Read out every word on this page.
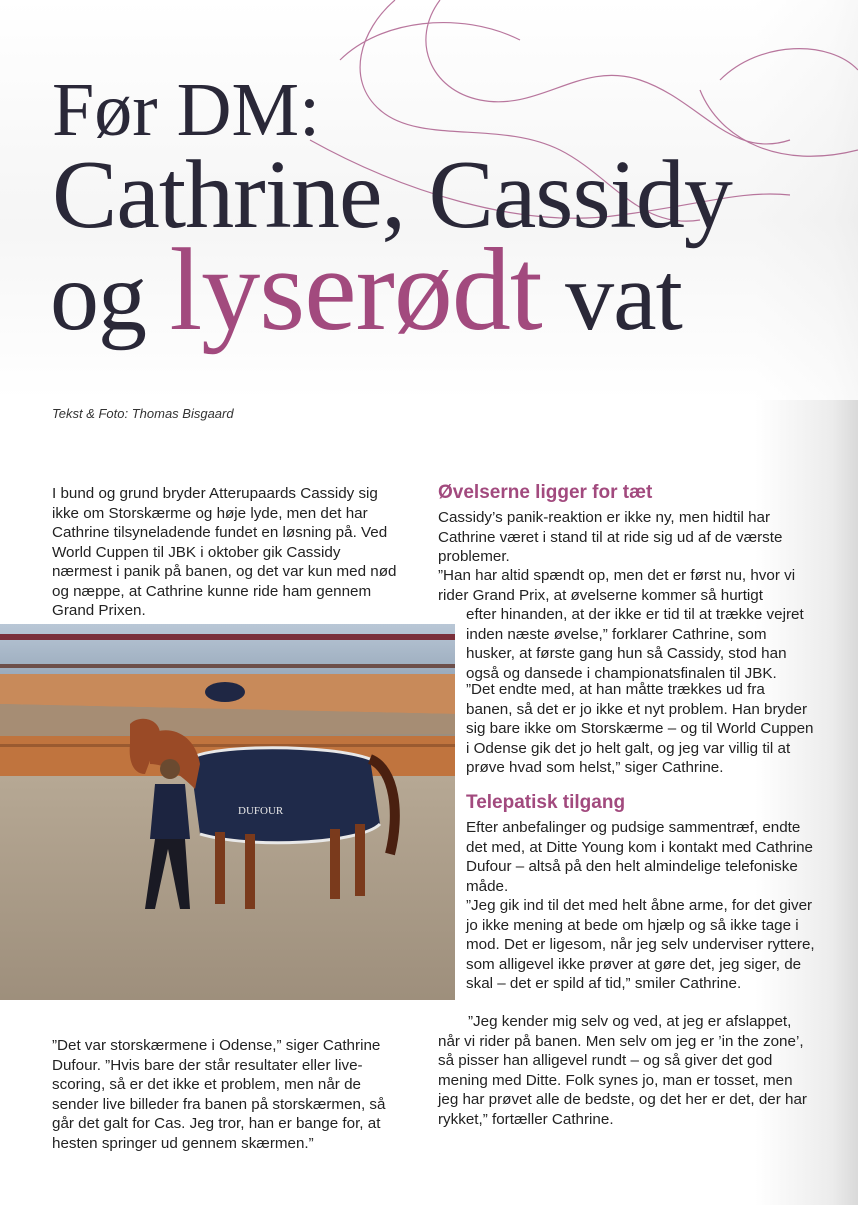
Før DM:
Cathrine, Cassidy
og lyserødt vat
Tekst & Foto: Thomas Bisgaard

I bund og grund bryder Atterupaards Cassidy sig ikke om Storskærme og høje lyde, men det har Cathrine tilsyneladende fundet en løsning på. Ved World Cuppen til JBK i oktober gik Cassidy nærmest i panik på banen, og det var kun med nød og næppe, at Cathrine kunne ride ham gennem Grand Prixen.

DUFOUR

”Det var storskærmene i Odense,” siger Cathrine Dufour. ”Hvis bare der står resultater eller live-scoring, så er det ikke et problem, men når de sender live billeder fra banen på storskærmen, så går det galt for Cas. Jeg tror, han er bange for, at hesten springer ud gennem skærmen.”

Øvelserne ligger for tæt

Cassidy’s panik-reaktion er ikke ny, men hidtil har Cathrine været i stand til at ride sig ud af de værste problemer.

”Han har altid spændt op, men det er først nu, hvor vi rider Grand Prix, at øvelserne kommer så hurtigt

efter hinanden, at der ikke er tid til at trække vejret inden næste øvelse,” forklarer Cathrine, som husker, at første gang hun så Cassidy, stod han også og dansede i championatsfinalen til JBK.

”Det endte med, at han måtte trækkes ud fra banen, så det er jo ikke et nyt problem. Han bryder sig bare ikke om Storskærme – og til World Cuppen i Odense gik det jo helt galt, og jeg var villig til at prøve hvad som helst,” siger Cathrine.

Telepatisk tilgang

Efter anbefalinger og pudsige sammentræf, endte det med, at Ditte Young kom i kontakt med Cathrine Dufour – altså på den helt almindelige telefoniske måde.

”Jeg gik ind til det med helt åbne arme, for det giver jo ikke mening at bede om hjælp og så ikke tage i mod. Det er ligesom, når jeg selv underviser ryttere, som alligevel ikke prøver at gøre det, jeg siger, de skal – det er spild af tid,” smiler Cathrine.

”Jeg kender mig selv og ved, at jeg er afslappet, når vi rider på banen. Men selv om jeg er ’in the zone’, så pisser han alligevel rundt – og så giver det god mening med Ditte. Folk synes jo, man er tosset, men jeg har prøvet alle de bedste, og det her er det, der har rykket,” fortæller Cathrine.
